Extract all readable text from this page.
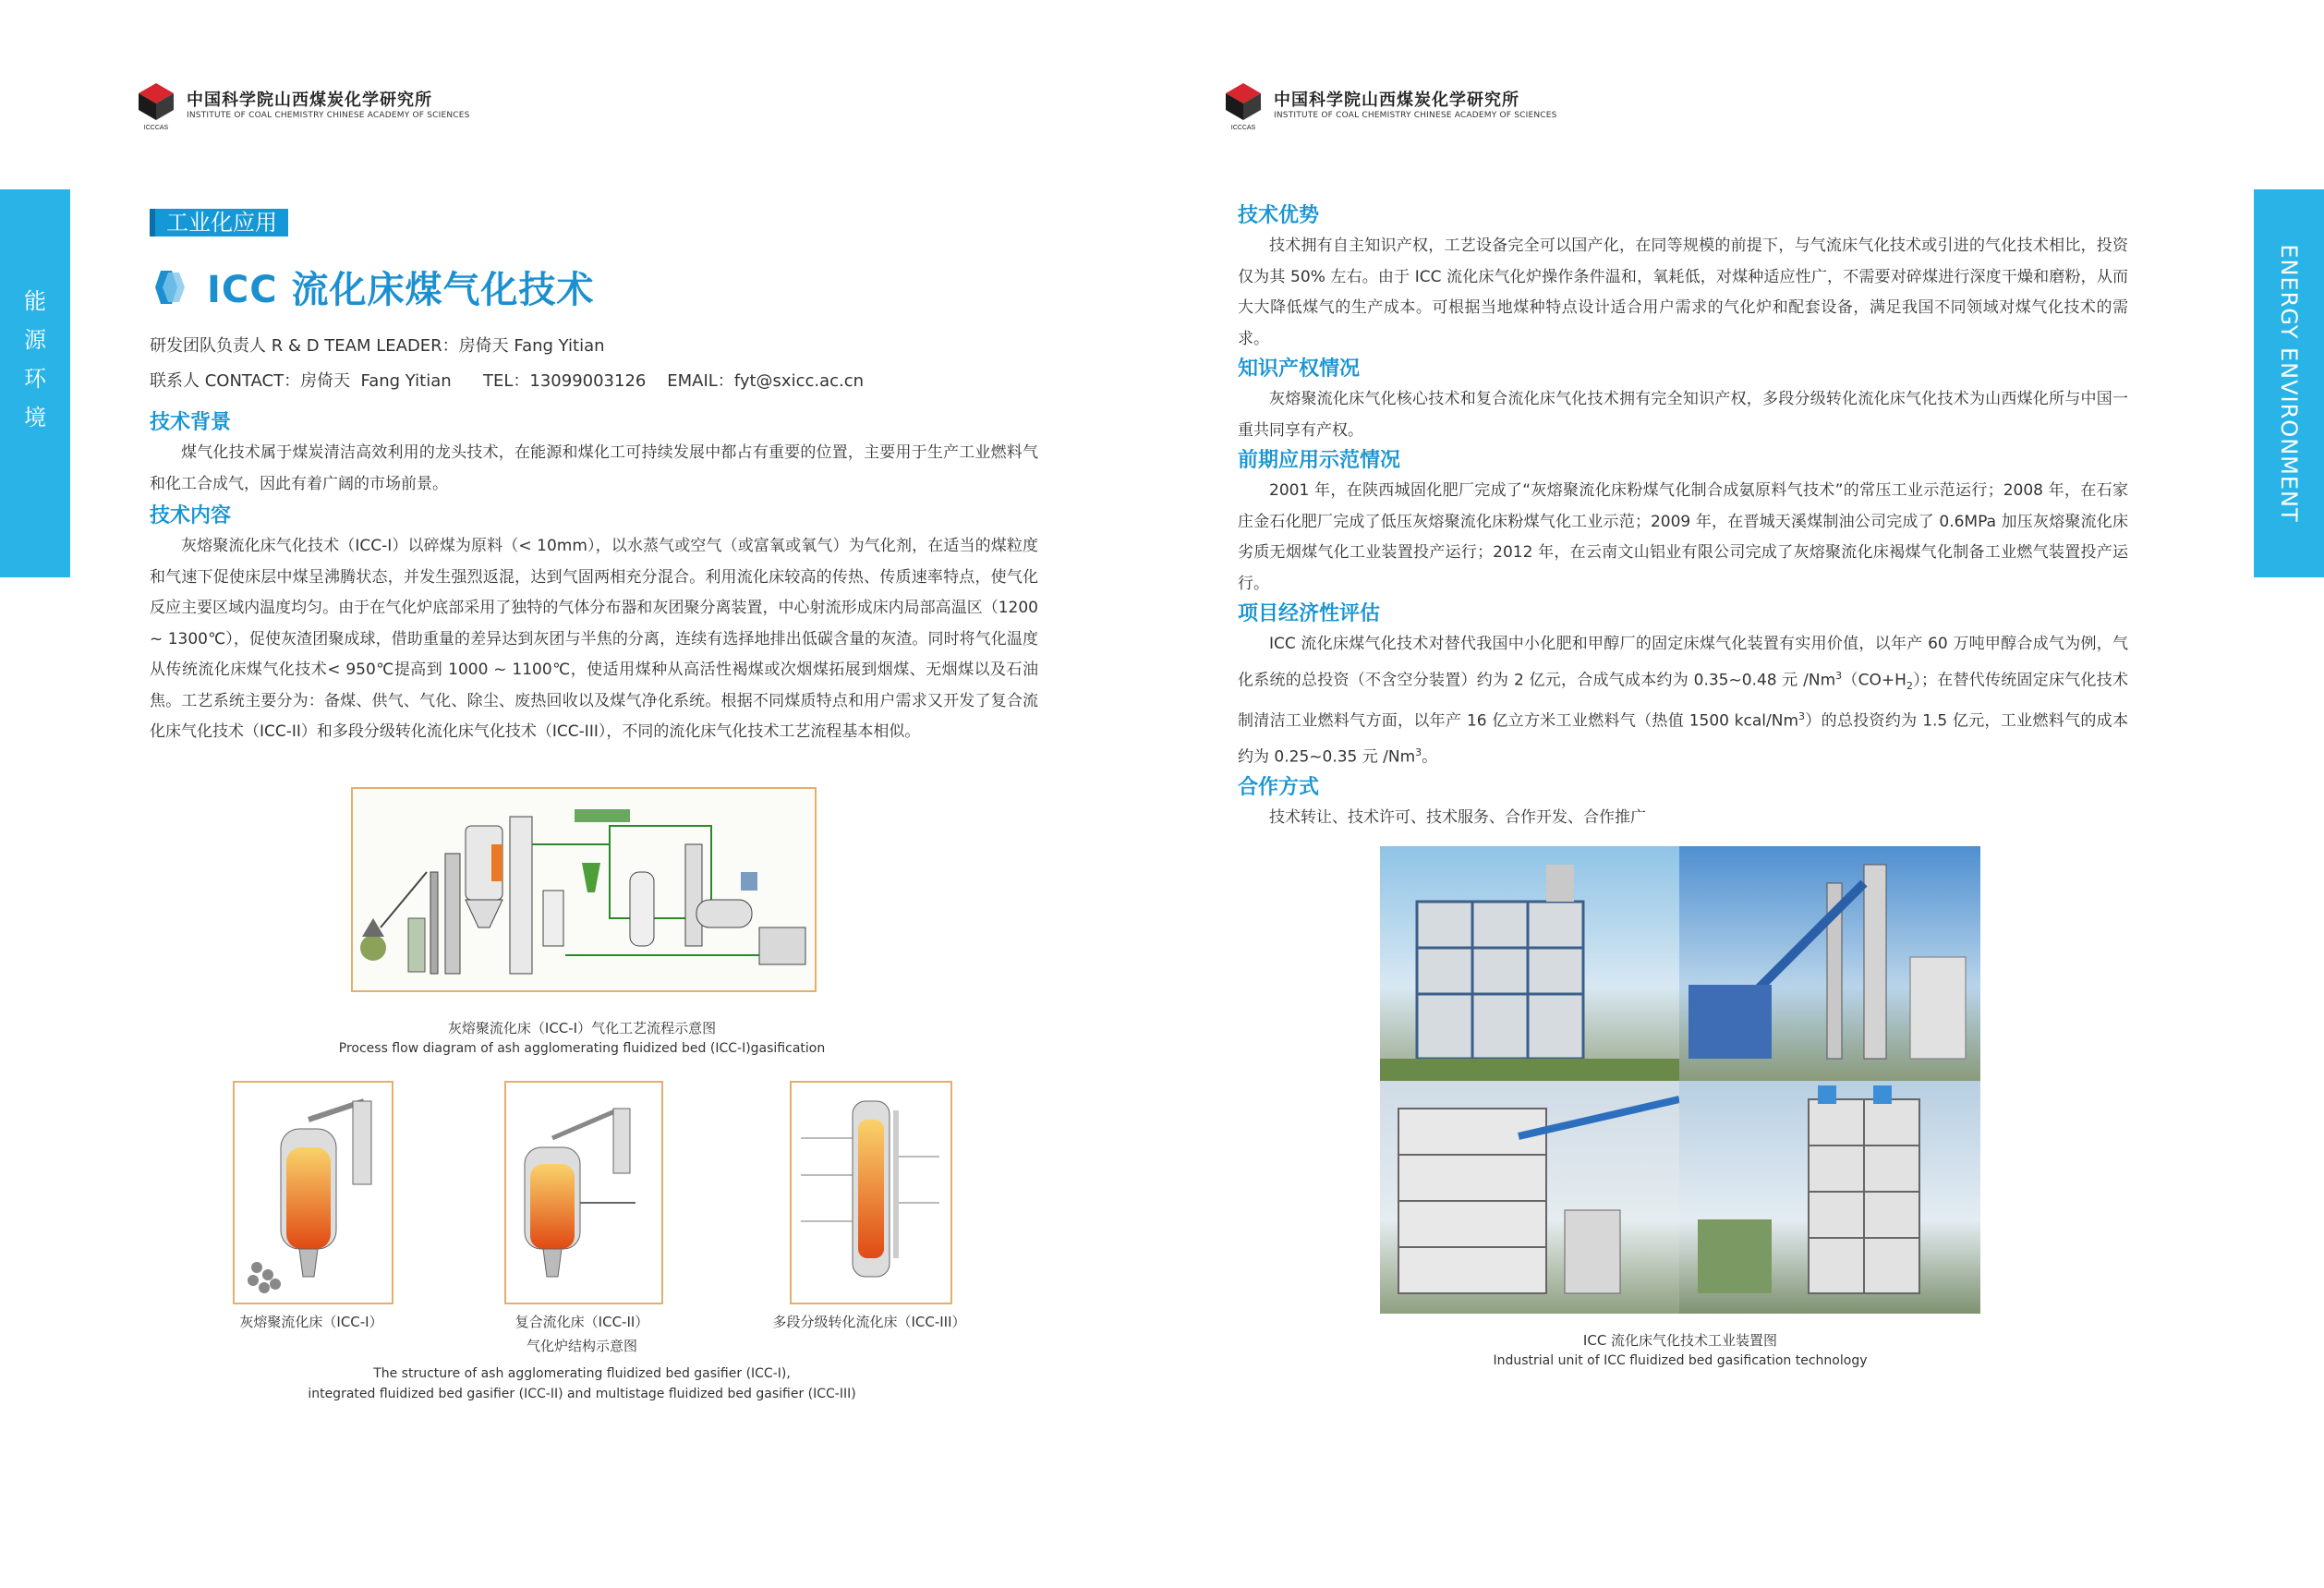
ICCCAS
中国科学院山西煤炭化学研究所
INSTITUTE OF COAL CHEMISTRY CHINESE ACADEMY OF SCIENCES
能
源
环
境
工业化应用
ICC 流化床煤气化技术
研发团队负责人 R & D TEAM LEADER：房倚天 Fang Yitian
联系人 CONTACT：房倚天  Fang Yitian      TEL：13099003126    EMAIL：fyt@sxicc.ac.cn
技术背景
煤气化技术属于煤炭清洁高效利用的龙头技术，在能源和煤化工可持续发展中都占有重要的位置，主要用于生产工业燃料气和化工合成气，因此有着广阔的市场前景。
技术内容
灰熔聚流化床气化技术（ICC-I）以碎煤为原料（< 10mm），以水蒸气或空气（或富氧或氧气）为气化剂，在适当的煤粒度和气速下促使床层中煤呈沸腾状态，并发生强烈返混，达到气固两相充分混合。利用流化床较高的传热、传质速率特点，使气化反应主要区域内温度均匀。由于在气化炉底部采用了独特的气体分布器和灰团聚分离装置，中心射流形成床内局部高温区（1200 ~ 1300℃），促使灰渣团聚成球，借助重量的差异达到灰团与半焦的分离，连续有选择地排出低碳含量的灰渣。同时将气化温度从传统流化床煤气化技术< 950℃提高到 1000 ~ 1100℃，使适用煤种从高活性褐煤或次烟煤拓展到烟煤、无烟煤以及石油焦。工艺系统主要分为：备煤、供气、气化、除尘、废热回收以及煤气净化系统。根据不同煤质特点和用户需求又开发了复合流化床气化技术（ICC-II）和多段分级转化流化床气化技术（ICC-III），不同的流化床气化技术工艺流程基本相似。
灰熔聚流化床（ICC-I）气化工艺流程示意图
Process flow diagram of ash agglomerating fluidized bed (ICC-I)gasification
灰熔聚流化床（ICC-I）	复合流化床（ICC-II）	多段分级转化流化床（ICC-III）
气化炉结构示意图
The structure of ash agglomerating fluidized bed gasifier (ICC-I),
integrated fluidized bed gasifier (ICC-II) and multistage fluidized bed gasifier (ICC-III)
ICCCAS
中国科学院山西煤炭化学研究所
INSTITUTE OF COAL CHEMISTRY CHINESE ACADEMY OF SCIENCES
ENERGY ENVIRONMENT
技术优势
技术拥有自主知识产权，工艺设备完全可以国产化，在同等规模的前提下，与气流床气化技术或引进的气化技术相比，投资仅为其 50% 左右。由于 ICC 流化床气化炉操作条件温和，氧耗低，对煤种适应性广，不需要对碎煤进行深度干燥和磨粉，从而大大降低煤气的生产成本。可根据当地煤种特点设计适合用户需求的气化炉和配套设备，满足我国不同领域对煤气化技术的需求。
知识产权情况
灰熔聚流化床气化核心技术和复合流化床气化技术拥有完全知识产权，多段分级转化流化床气化技术为山西煤化所与中国一重共同享有产权。
前期应用示范情况
2001 年，在陕西城固化肥厂完成了“灰熔聚流化床粉煤气化制合成氨原料气技术”的常压工业示范运行；2008 年，在石家庄金石化肥厂完成了低压灰熔聚流化床粉煤气化工业示范；2009 年，在晋城天溪煤制油公司完成了 0.6MPa 加压灰熔聚流化床劣质无烟煤气化工业装置投产运行；2012 年，在云南文山铝业有限公司完成了灰熔聚流化床褐煤气化制备工业燃气装置投产运行。
项目经济性评估
ICC 流化床煤气化技术对替代我国中小化肥和甲醇厂的固定床煤气化装置有实用价值，以年产 60 万吨甲醇合成气为例，气化系统的总投资（不含空分装置）约为 2 亿元，合成气成本约为 0.35~0.48 元 $/Nm^3(CO+H_2)$；在替代传统固定床气化技术制清洁工业燃料气方面，以年产 16 亿立方米工业燃料气（热值 1500 kcal/Nm$^3$）的总投资约为 1.5 亿元，工业燃料气的成本约为 0.25~0.35 元 /Nm$^3$。
合作方式
技术转让、技术许可、技术服务、合作开发、合作推广
ICC 流化床气化技术工业装置图
Industrial unit of ICC fluidized bed gasification technology
